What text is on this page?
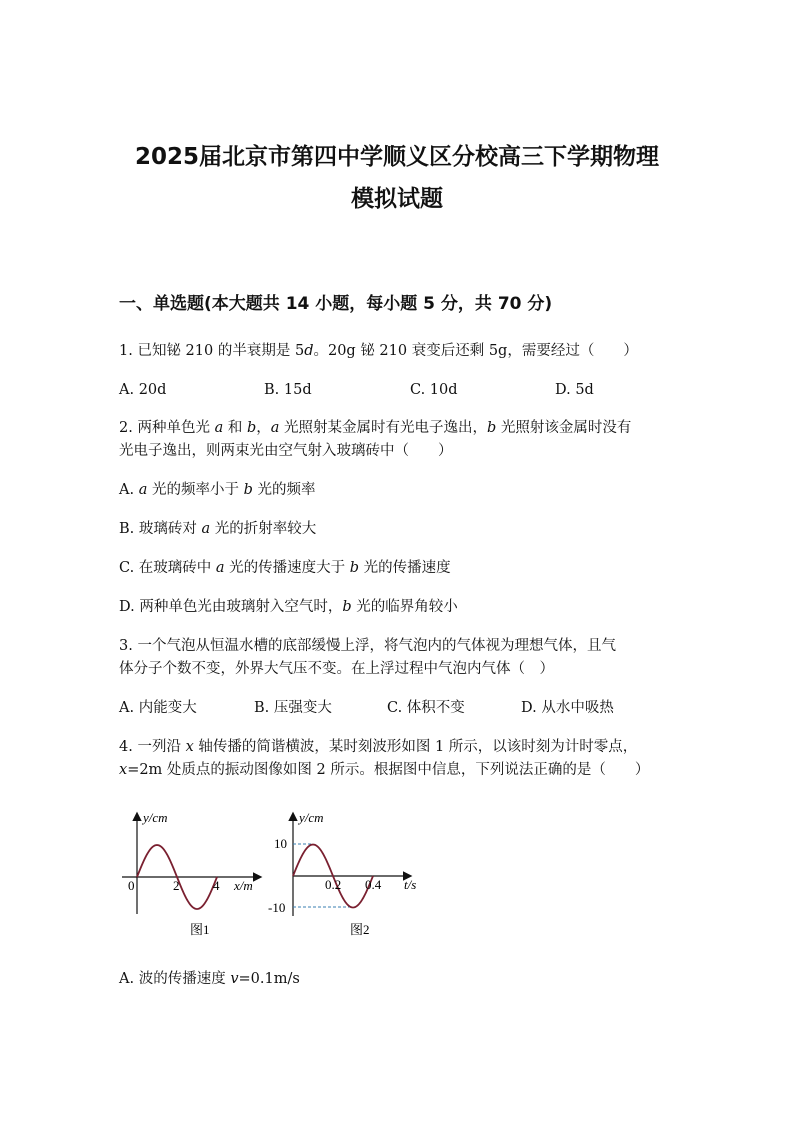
2025届北京市第四中学顺义区分校高三下学期物理
模拟试题
一、单选题(本大题共 14 小题，每小题 5 分，共 70 分)
1. 已知铋 210 的半衰期是 5d。20g 铋 210 衰变后还剩 5g，需要经过（　　）
A. 20d	B. 15d	C. 10d	D. 5d
2. 两种单色光 a 和 b，a 光照射某金属时有光电子逸出，b 光照射该金属时没有
光电子逸出，则两束光由空气射入玻璃砖中（　　）
A. a 光的频率小于 b 光的频率
B. 玻璃砖对 a 光的折射率较大
C. 在玻璃砖中 a 光的传播速度大于 b 光的传播速度
D. 两种单色光由玻璃射入空气时，b 光的临界角较小
3. 一个气泡从恒温水槽的底部缓慢上浮，将气泡内的气体视为理想气体，且气
体分子个数不变，外界大气压不变。在上浮过程中气泡内气体（　）
A. 内能变大	B. 压强变大	C. 体积不变	D. 从水中吸热
4. 一列沿 x 轴传播的简谐横波，某时刻波形如图 1 所示，以该时刻为计时零点，
x=2m 处质点的振动图像如图 2 所示。根据图中信息，下列说法正确的是（　　）
y/cm
0	2	4 x/m
图1
y/cm
10
-10
0.2 0.4 t/s
图2
A. 波的传播速度 v=0.1m/s
